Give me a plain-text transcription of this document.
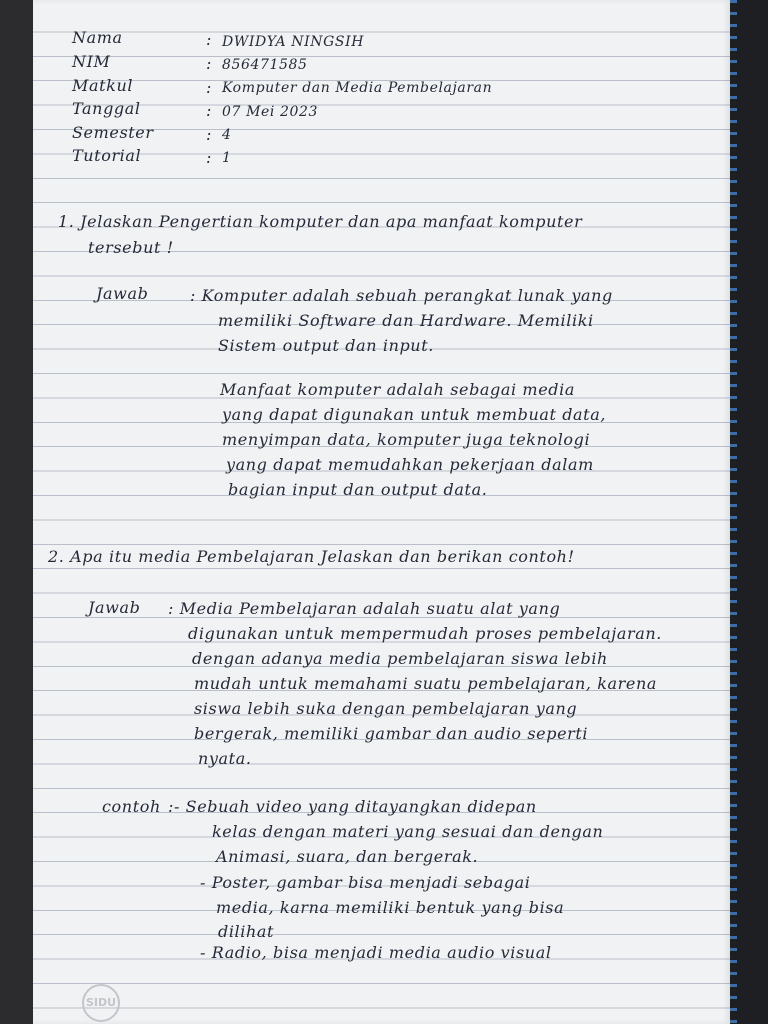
Nama	: DWIDYA NINGSIH
NIM	: 856471585
Matkul	: Komputer dan Media Pembelajaran
Tanggal	: 07 Mei 2023
Semester	: 4
Tutorial	: 1
1. Jelaskan Pengertian komputer dan apa manfaat komputer
tersebut !
Jawab	: Komputer adalah sebuah perangkat lunak yang
memiliki Software dan Hardware. Memiliki
Sistem output dan input.
Manfaat komputer adalah sebagai media
yang dapat digunakan untuk membuat data,
menyimpan data, komputer juga teknologi
yang dapat memudahkan pekerjaan dalam
bagian input dan output data.
2. Apa itu media Pembelajaran Jelaskan dan berikan contoh!
Jawab : Media Pembelajaran adalah suatu alat yang
digunakan untuk mempermudah proses pembelajaran.
dengan adanya media pembelajaran siswa lebih
mudah untuk memahami suatu pembelajaran, karena
siswa lebih suka dengan pembelajaran yang
bergerak, memiliki gambar dan audio seperti
nyata.
contoh :- Sebuah video yang ditayangkan didepan
kelas dengan materi yang sesuai dan dengan
Animasi, suara, dan bergerak.
- Poster, gambar bisa menjadi sebagai
media, karna memiliki bentuk yang bisa
dilihat
- Radio, bisa menjadi media audio visual
SIDU
